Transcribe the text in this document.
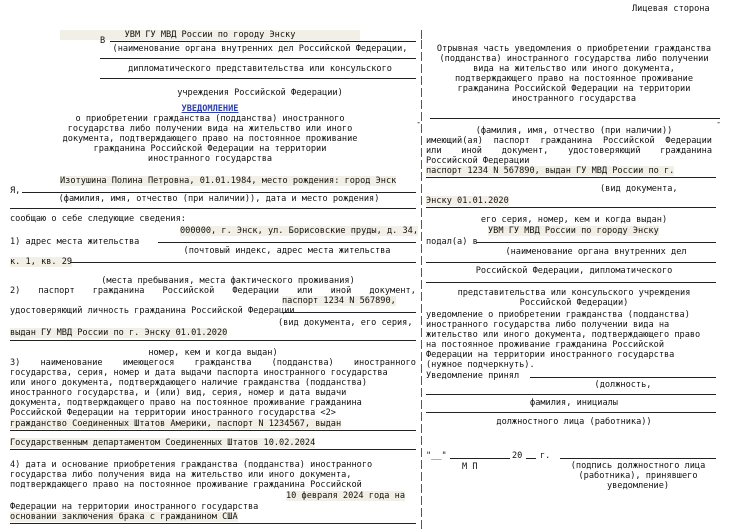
Лицевая сторона
|
|
|
|
|
|
|
|
|
|
|
|
|
|
|
|
|
|
|
|
|
|
|
|
|
|
|
|
|
|
|
|
|
|
|
|
|
|
|
|
|
|
УВМ ГУ МВД России по городу Энску
В
(наименование органа внутренних дел Российской Федерации,
дипломатического представительства или консульского
учреждения Российской Федерации)
УВЕДОМЛЕНИЕ
о приобретении гражданства (подданства) иностранного
государства либо получении вида на жительство или иного
документа, подтверждающего право на постоянное проживание
гражданина Российской Федерации на территории
иностранного государства
Изотушина Полина Петровна, 01.01.1984, место рождения: город Энск
Я,
(фамилия, имя, отчество (при наличии)), дата и место рождения)
сообщаю о себе следующие сведения:
000000, г. Энск, ул. Борисовские пруды, д. 34,
1) адрес места жительства
(почтовый индекс, адрес места жительства
к. 1, кв. 29
(места пребывания, места фактического проживания)
2) паспорт гражданина Российской Федерации или иной документ,
паспорт 1234 N 567890,
удостоверяющий личность гражданина Российской Федерации
(вид документа, его серия,
выдан ГУ МВД России по г. Энску 01.01.2020
номер, кем и когда выдан)
3) наименование имеющегося гражданства (подданства) иностранного
государства, серия, номер и дата выдачи паспорта иностранного государства
или иного документа, подтверждающего наличие гражданства (подданства)
иностранного государства, и (или) вид, серия, номер и дата выдачи
документа, подтверждающего право на постоянное проживание гражданина
Российской Федерации на территории иностранного государства <2>
гражданство Соединенных Штатов Америки, паспорт N 1234567, выдан
Государственным департаментом Соединенных Штатов 10.02.2024
4) дата и основание приобретения гражданства (подданства) иностранного
государства либо получения вида на жительство или иного документа,
подтверждающего право на постоянное проживание гражданина Российской
10 февраля 2024 года на
Федерации на территории иностранного государства
основании заключения брака с гражданином США
Отрывная часть уведомления о приобретении гражданства
(подданства) иностранного государства либо получении
вида на жительство или иного документа,
подтверждающего право на постоянное проживание
гражданина Российской Федерации на территории
иностранного государства
(фамилия, имя, отчество (при наличии))
имеющий(ая) паспорт гражданина Российской Федерации
или иной документ, удостоверяющий гражданина
Российской Федерации
паспорт 1234 N 567890, выдан ГУ МВД России по г.
(вид документа,
Энску 01.01.2020
его серия, номер, кем и когда выдан)
УВМ ГУ МВД России по городу Энску
подал(а) в
(наименование органа внутренних дел
Российской Федерации, дипломатического
представительства или консульского учреждения
Российской Федерации)
уведомление о приобретении гражданства (подданства)
иностранного государства либо получении вида на
жительство или иного документа, подтверждающего право
на постоянное проживание гражданина Российской
Федерации на территории иностранного государства
(нужное подчеркнуть).
Уведомление принял
(должность,
фамилия, инициалы
должностного лица (работника))
"__"	20 г.
М П	(подпись должностного лица
(работника), принявшего
уведомление)
-	-
